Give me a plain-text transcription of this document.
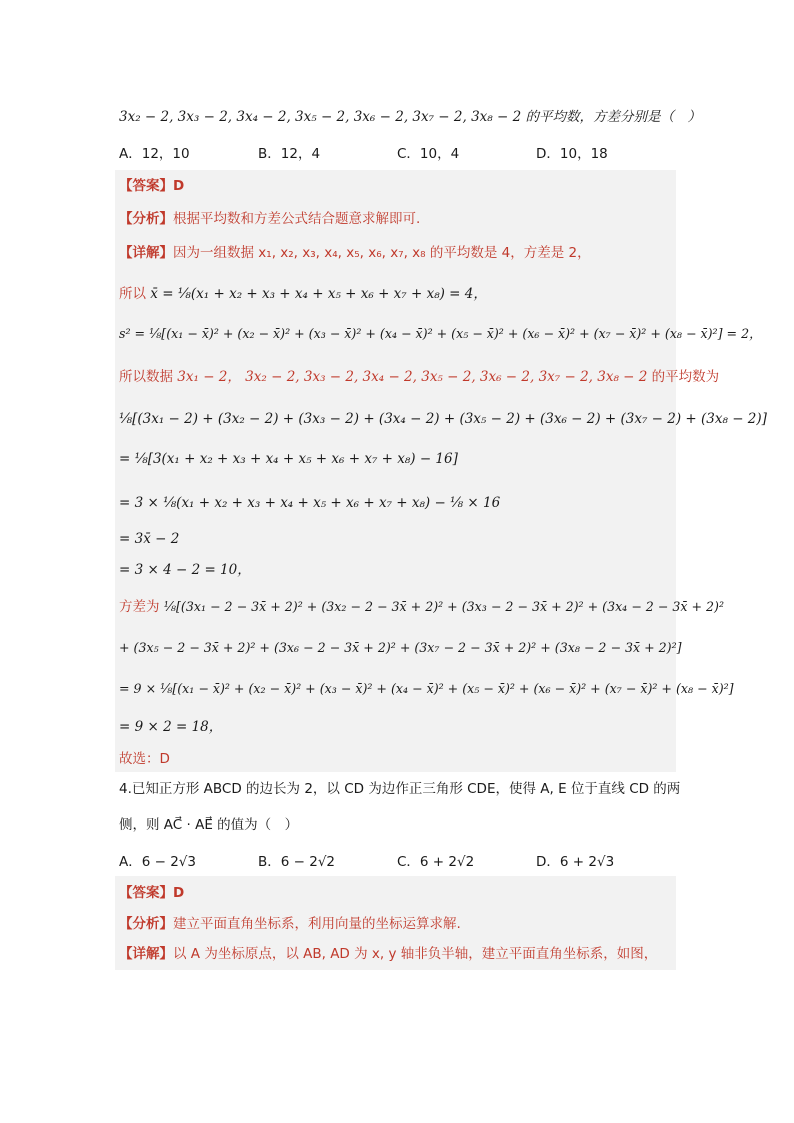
3x₂ − 2, 3x₃ − 2, 3x₄ − 2, 3x₅ − 2, 3x₆ − 2, 3x₇ − 2, 3x₈ − 2 的平均数，方差分别是（　）
A．12，10	B．12，4	C．10，4	D．10，18
【答案】D
【分析】根据平均数和方差公式结合题意求解即可.
【详解】因为一组数据 x₁, x₂, x₃, x₄, x₅, x₆, x₇, x₈ 的平均数是 4，方差是 2，
所以 x̄ = ⅛(x₁ + x₂ + x₃ + x₄ + x₅ + x₆ + x₇ + x₈) = 4，
s² = ⅛[(x₁ − x̄)² + (x₂ − x̄)² + (x₃ − x̄)² + (x₄ − x̄)² + (x₅ − x̄)² + (x₆ − x̄)² + (x₇ − x̄)² + (x₈ − x̄)²] = 2，
所以数据 3x₁ − 2， 3x₂ − 2, 3x₃ − 2, 3x₄ − 2, 3x₅ − 2, 3x₆ − 2, 3x₇ − 2, 3x₈ − 2 的平均数为
⅛[(3x₁ − 2) + (3x₂ − 2) + (3x₃ − 2) + (3x₄ − 2) + (3x₅ − 2) + (3x₆ − 2) + (3x₇ − 2) + (3x₈ − 2)]
= ⅛[3(x₁ + x₂ + x₃ + x₄ + x₅ + x₆ + x₇ + x₈) − 16]
= 3 × ⅛(x₁ + x₂ + x₃ + x₄ + x₅ + x₆ + x₇ + x₈) − ⅛ × 16
= 3x̄ − 2
= 3 × 4 − 2 = 10，
方差为 ⅛[(3x₁ − 2 − 3x̄ + 2)² + (3x₂ − 2 − 3x̄ + 2)² + (3x₃ − 2 − 3x̄ + 2)² + (3x₄ − 2 − 3x̄ + 2)²
+ (3x₅ − 2 − 3x̄ + 2)² + (3x₆ − 2 − 3x̄ + 2)² + (3x₇ − 2 − 3x̄ + 2)² + (3x₈ − 2 − 3x̄ + 2)²]
= 9 × ⅛[(x₁ − x̄)² + (x₂ − x̄)² + (x₃ − x̄)² + (x₄ − x̄)² + (x₅ − x̄)² + (x₆ − x̄)² + (x₇ − x̄)² + (x₈ − x̄)²]
= 9 × 2 = 18，
故选：D
4.已知正方形 ABCD 的边长为 2，以 CD 为边作正三角形 CDE，使得 A, E 位于直线 CD 的两
侧，则 AC⃗ · AE⃗ 的值为（　）
A．6 − 2√3	B．6 − 2√2	C．6 + 2√2	D．6 + 2√3
【答案】D
【分析】建立平面直角坐标系，利用向量的坐标运算求解.
【详解】以 A 为坐标原点，以 AB, AD 为 x, y 轴非负半轴，建立平面直角坐标系，如图，
